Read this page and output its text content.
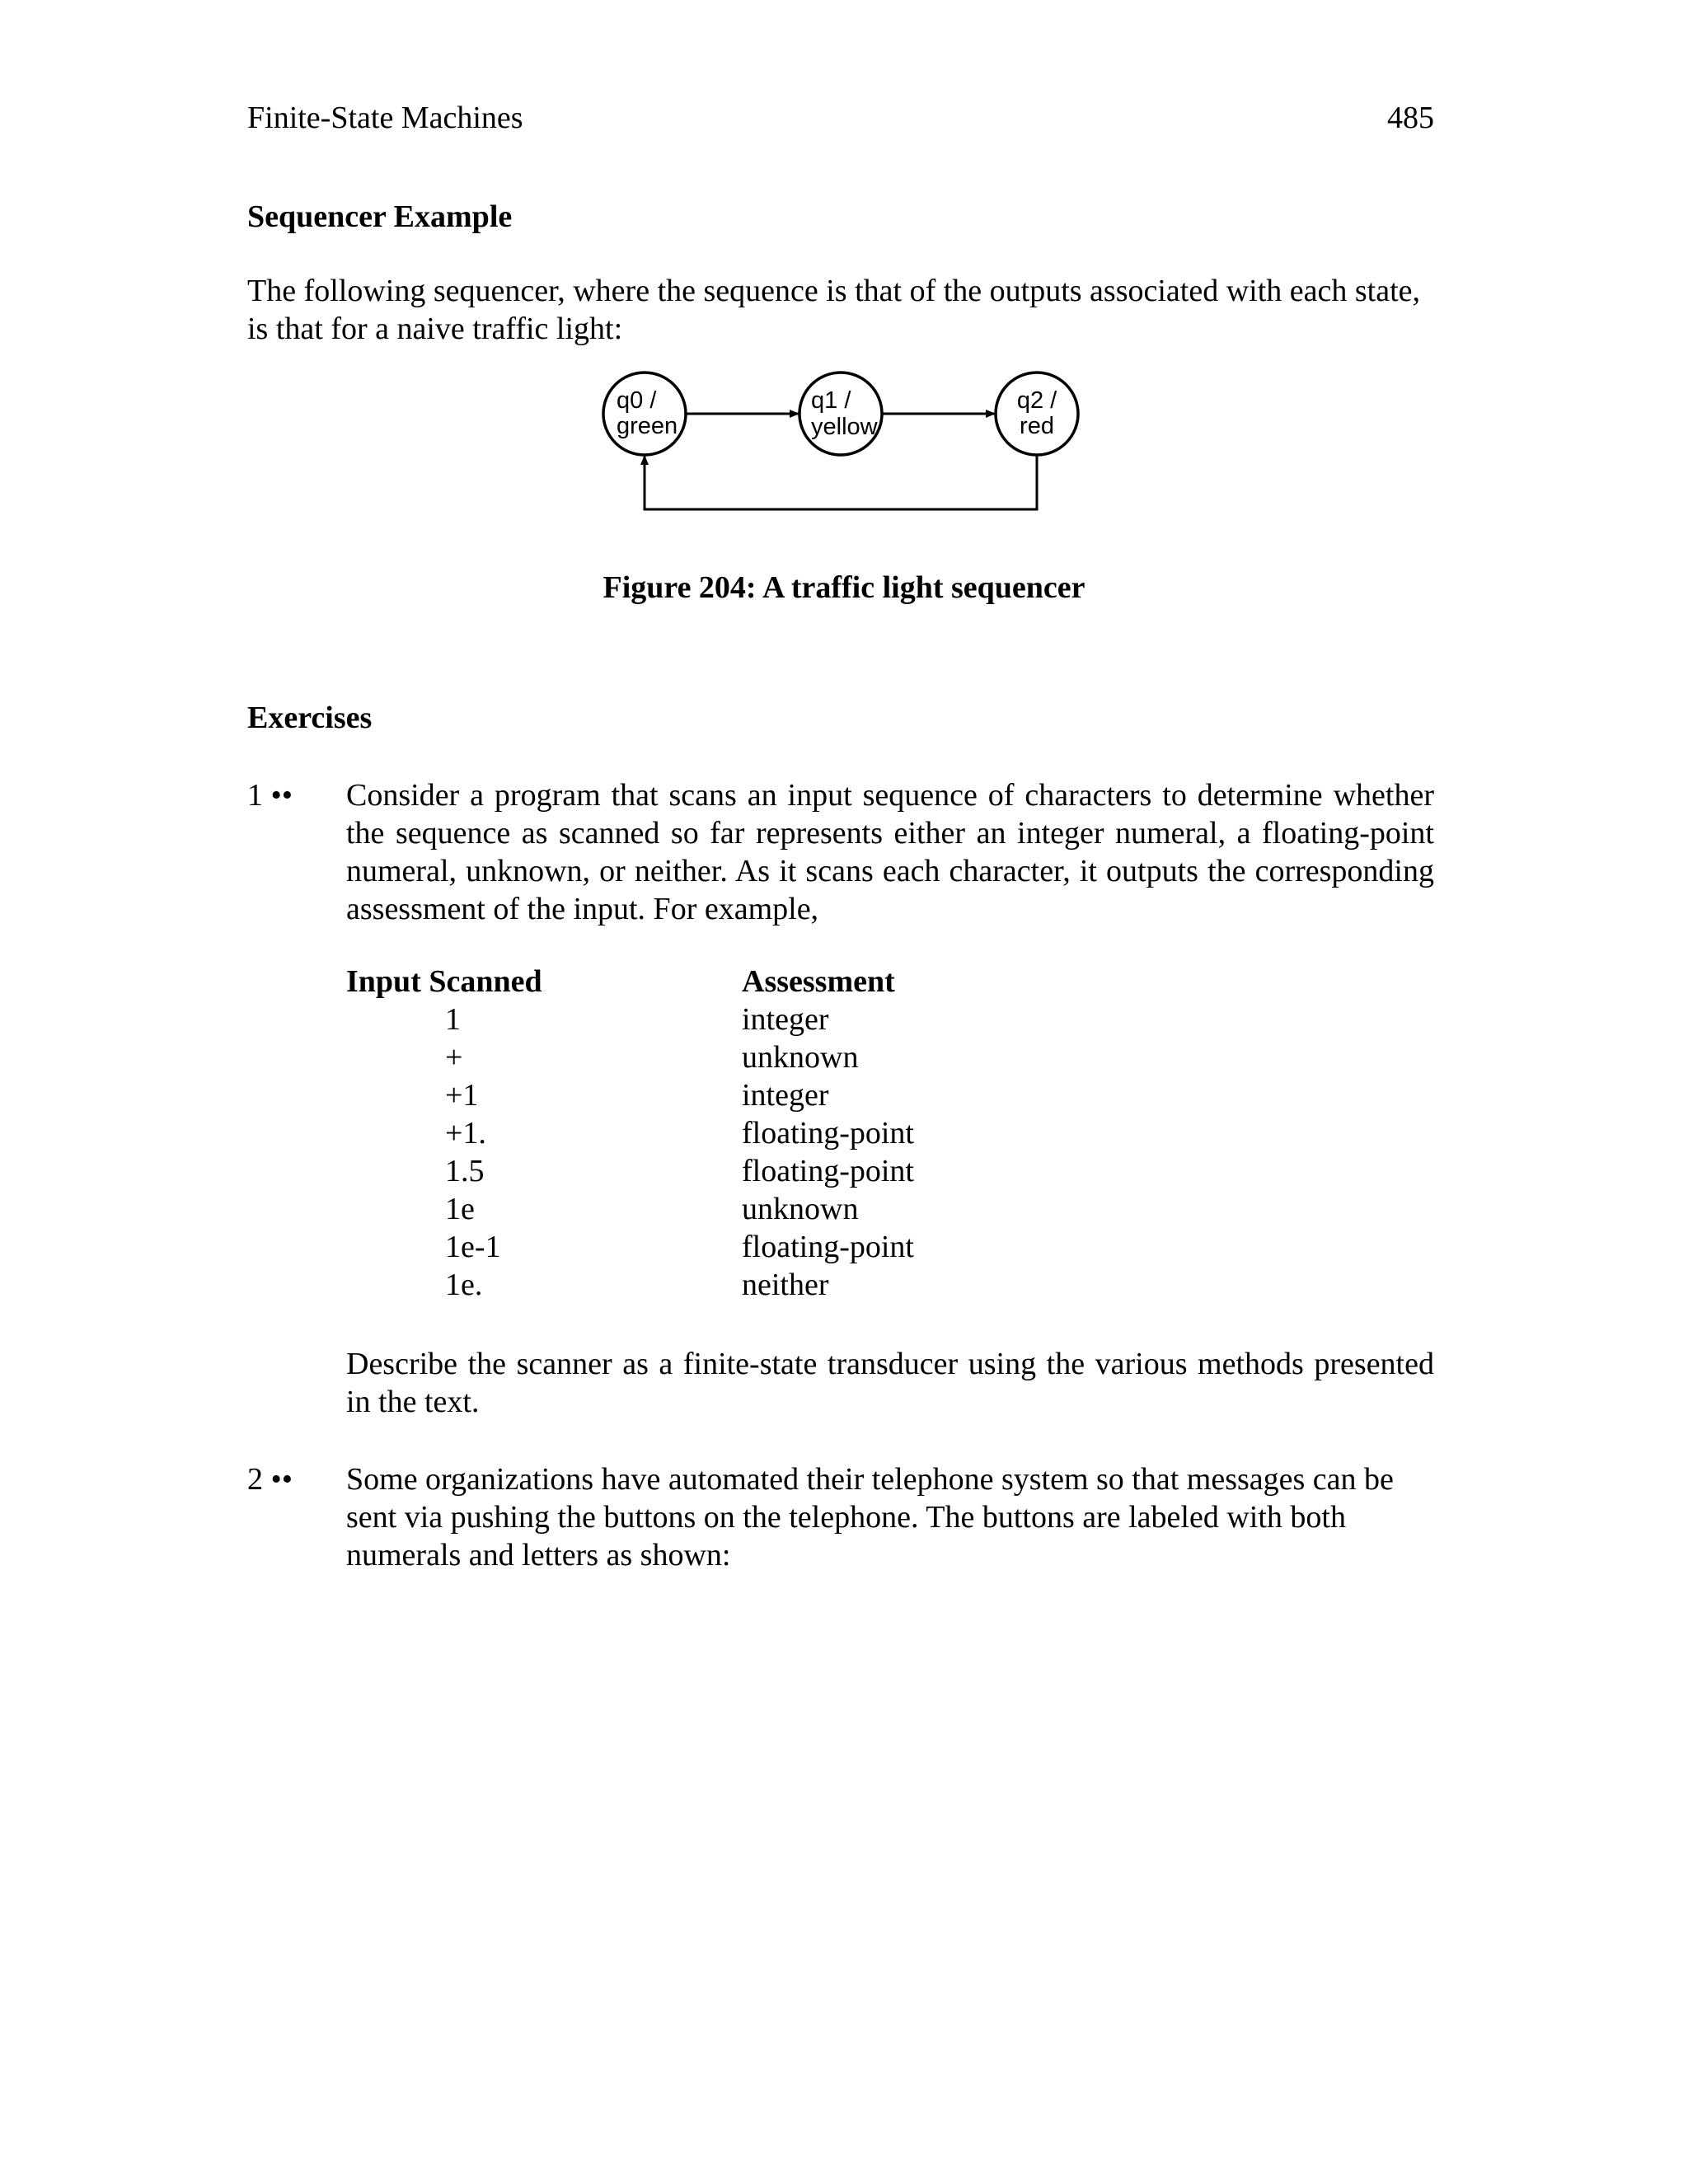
Finite-State Machines	485
Sequencer Example
The following sequencer, where the sequence is that of the outputs associated with each state, is that for a naive traffic light:
q0 /
green
q1 /
yellow
q2 /
red
Figure 204: A traffic light sequencer
Exercises
1 •• Consider a program that scans an input sequence of characters to determine whether the sequence as scanned so far represents either an integer numeral, a floating-point numeral, unknown, or neither. As it scans each character, it outputs the corresponding assessment of the input. For example,
Input Scanned	Assessment
1	integer
+	unknown
+1	integer
+1.	floating-point
1.5	floating-point
1e	unknown
1e-1	floating-point
1e.	neither
Describe the scanner as a finite-state transducer using the various methods presented in the text.
2 •• Some organizations have automated their telephone system so that messages can be sent via pushing the buttons on the telephone. The buttons are labeled with both numerals and letters as shown:
